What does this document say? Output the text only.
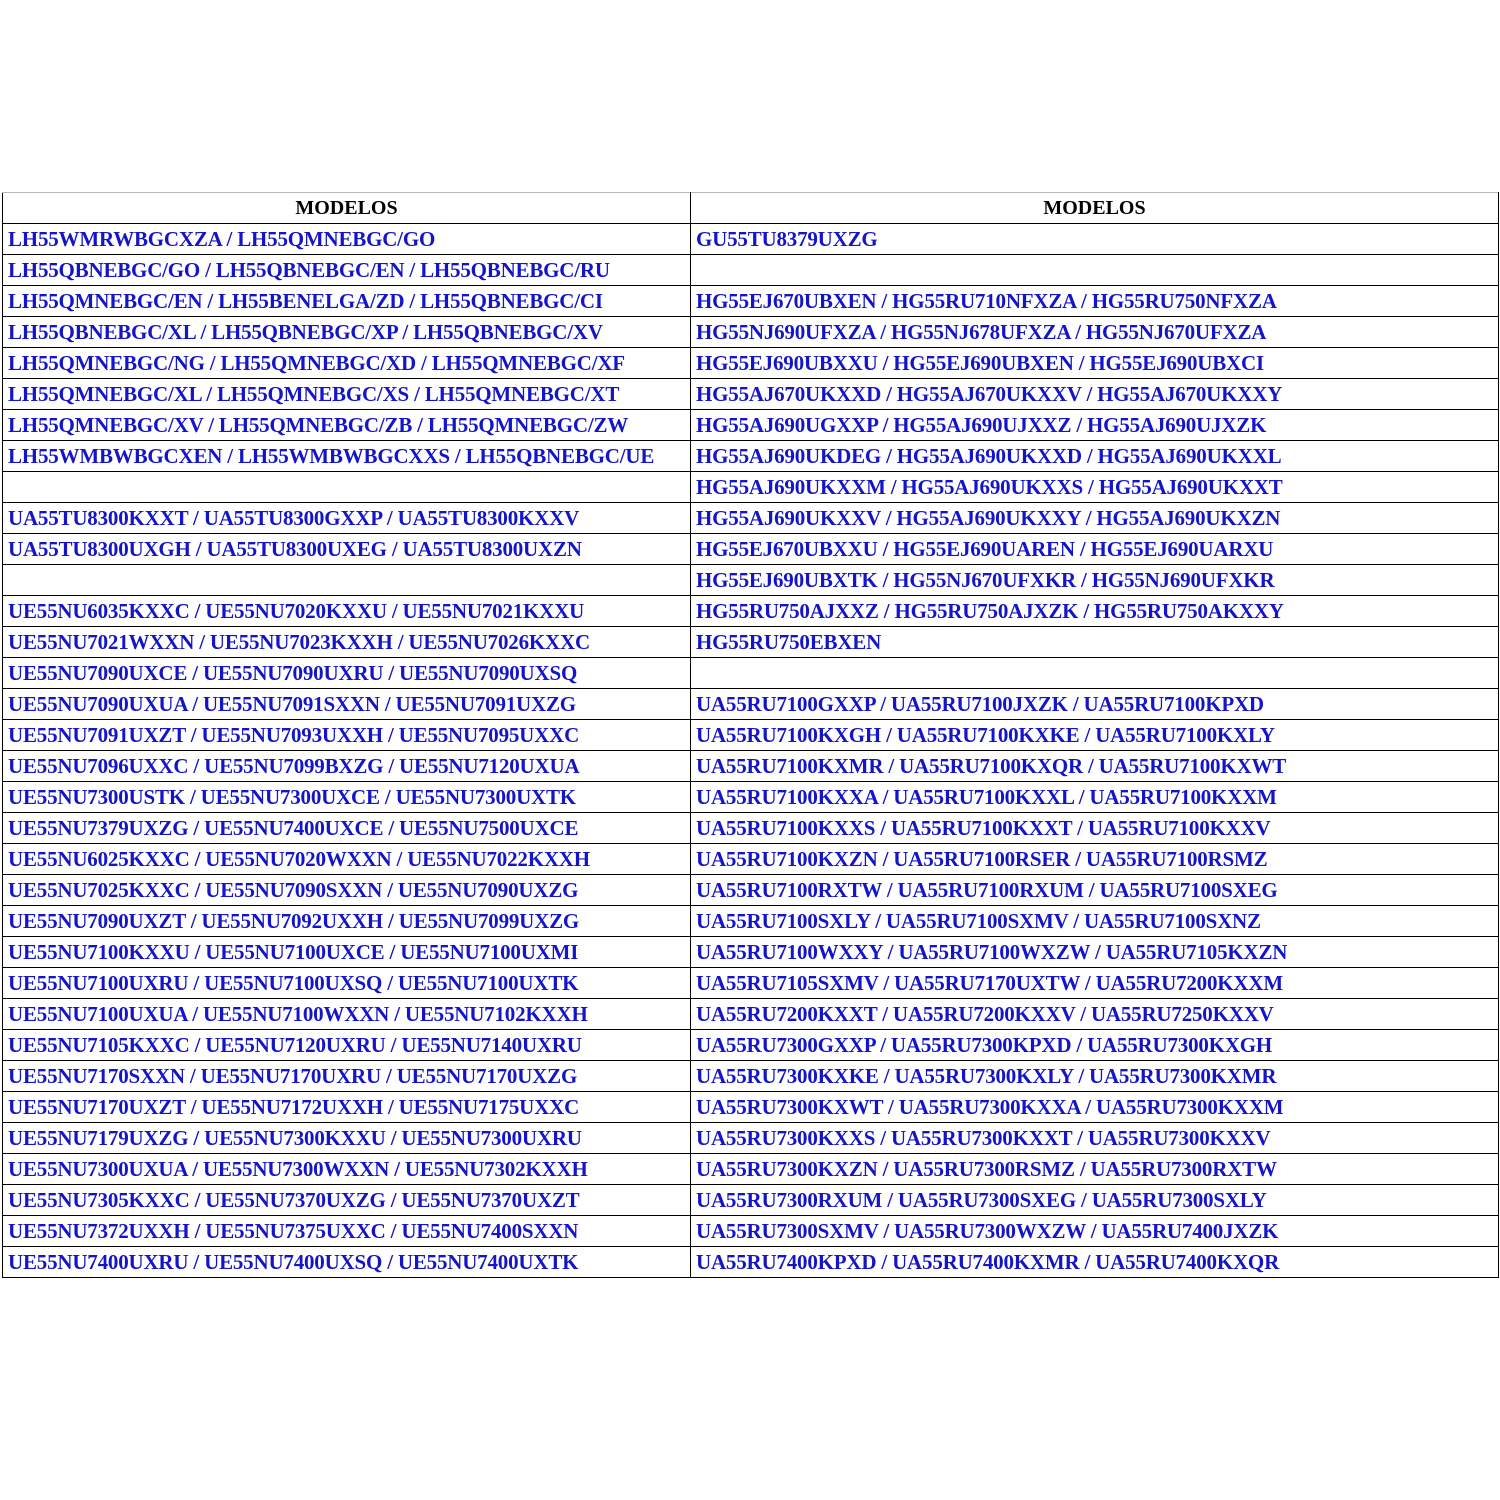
MODELOS	MODELOS
LH55WMRWBGCXZA / LH55QMNEBGC/GO	GU55TU8379UXZG
LH55QBNEBGC/GO / LH55QBNEBGC/EN / LH55QBNEBGC/RU	
LH55QMNEBGC/EN / LH55BENELGA/ZD / LH55QBNEBGC/CI	HG55EJ670UBXEN / HG55RU710NFXZA / HG55RU750NFXZA
LH55QBNEBGC/XL / LH55QBNEBGC/XP / LH55QBNEBGC/XV	HG55NJ690UFXZA / HG55NJ678UFXZA / HG55NJ670UFXZA
LH55QMNEBGC/NG / LH55QMNEBGC/XD / LH55QMNEBGC/XF	HG55EJ690UBXXU / HG55EJ690UBXEN / HG55EJ690UBXCI
LH55QMNEBGC/XL / LH55QMNEBGC/XS / LH55QMNEBGC/XT	HG55AJ670UKXXD / HG55AJ670UKXXV / HG55AJ670UKXXY
LH55QMNEBGC/XV / LH55QMNEBGC/ZB / LH55QMNEBGC/ZW	HG55AJ690UGXXP / HG55AJ690UJXXZ / HG55AJ690UJXZK
LH55WMBWBGCXEN / LH55WMBWBGCXXS / LH55QBNEBGC/UE	HG55AJ690UKDEG / HG55AJ690UKXXD / HG55AJ690UKXXL
	HG55AJ690UKXXM / HG55AJ690UKXXS / HG55AJ690UKXXT
UA55TU8300KXXT / UA55TU8300GXXP / UA55TU8300KXXV	HG55AJ690UKXXV / HG55AJ690UKXXY / HG55AJ690UKXZN
UA55TU8300UXGH / UA55TU8300UXEG / UA55TU8300UXZN	HG55EJ670UBXXU / HG55EJ690UAREN / HG55EJ690UARXU
	HG55EJ690UBXTK / HG55NJ670UFXKR / HG55NJ690UFXKR
UE55NU6035KXXC / UE55NU7020KXXU / UE55NU7021KXXU	HG55RU750AJXXZ / HG55RU750AJXZK / HG55RU750AKXXY
UE55NU7021WXXN / UE55NU7023KXXH / UE55NU7026KXXC	HG55RU750EBXEN
UE55NU7090UXCE / UE55NU7090UXRU / UE55NU7090UXSQ	
UE55NU7090UXUA / UE55NU7091SXXN / UE55NU7091UXZG	UA55RU7100GXXP / UA55RU7100JXZK / UA55RU7100KPXD
UE55NU7091UXZT / UE55NU7093UXXH / UE55NU7095UXXC	UA55RU7100KXGH / UA55RU7100KXKE / UA55RU7100KXLY
UE55NU7096UXXC / UE55NU7099BXZG / UE55NU7120UXUA	UA55RU7100KXMR / UA55RU7100KXQR / UA55RU7100KXWT
UE55NU7300USTK / UE55NU7300UXCE / UE55NU7300UXTK	UA55RU7100KXXA / UA55RU7100KXXL / UA55RU7100KXXM
UE55NU7379UXZG / UE55NU7400UXCE / UE55NU7500UXCE	UA55RU7100KXXS / UA55RU7100KXXT / UA55RU7100KXXV
UE55NU6025KXXC / UE55NU7020WXXN / UE55NU7022KXXH	UA55RU7100KXZN / UA55RU7100RSER / UA55RU7100RSMZ
UE55NU7025KXXC / UE55NU7090SXXN / UE55NU7090UXZG	UA55RU7100RXTW / UA55RU7100RXUM / UA55RU7100SXEG
UE55NU7090UXZT / UE55NU7092UXXH / UE55NU7099UXZG	UA55RU7100SXLY / UA55RU7100SXMV / UA55RU7100SXNZ
UE55NU7100KXXU / UE55NU7100UXCE / UE55NU7100UXMI	UA55RU7100WXXY / UA55RU7100WXZW / UA55RU7105KXZN
UE55NU7100UXRU / UE55NU7100UXSQ / UE55NU7100UXTK	UA55RU7105SXMV / UA55RU7170UXTW / UA55RU7200KXXM
UE55NU7100UXUA / UE55NU7100WXXN / UE55NU7102KXXH	UA55RU7200KXXT / UA55RU7200KXXV / UA55RU7250KXXV
UE55NU7105KXXC / UE55NU7120UXRU / UE55NU7140UXRU	UA55RU7300GXXP / UA55RU7300KPXD / UA55RU7300KXGH
UE55NU7170SXXN / UE55NU7170UXRU / UE55NU7170UXZG	UA55RU7300KXKE / UA55RU7300KXLY / UA55RU7300KXMR
UE55NU7170UXZT / UE55NU7172UXXH / UE55NU7175UXXC	UA55RU7300KXWT / UA55RU7300KXXA / UA55RU7300KXXM
UE55NU7179UXZG / UE55NU7300KXXU / UE55NU7300UXRU	UA55RU7300KXXS / UA55RU7300KXXT / UA55RU7300KXXV
UE55NU7300UXUA / UE55NU7300WXXN / UE55NU7302KXXH	UA55RU7300KXZN / UA55RU7300RSMZ / UA55RU7300RXTW
UE55NU7305KXXC / UE55NU7370UXZG / UE55NU7370UXZT	UA55RU7300RXUM / UA55RU7300SXEG / UA55RU7300SXLY
UE55NU7372UXXH / UE55NU7375UXXC / UE55NU7400SXXN	UA55RU7300SXMV / UA55RU7300WXZW / UA55RU7400JXZK
UE55NU7400UXRU / UE55NU7400UXSQ / UE55NU7400UXTK	UA55RU7400KPXD / UA55RU7400KXMR / UA55RU7400KXQR
